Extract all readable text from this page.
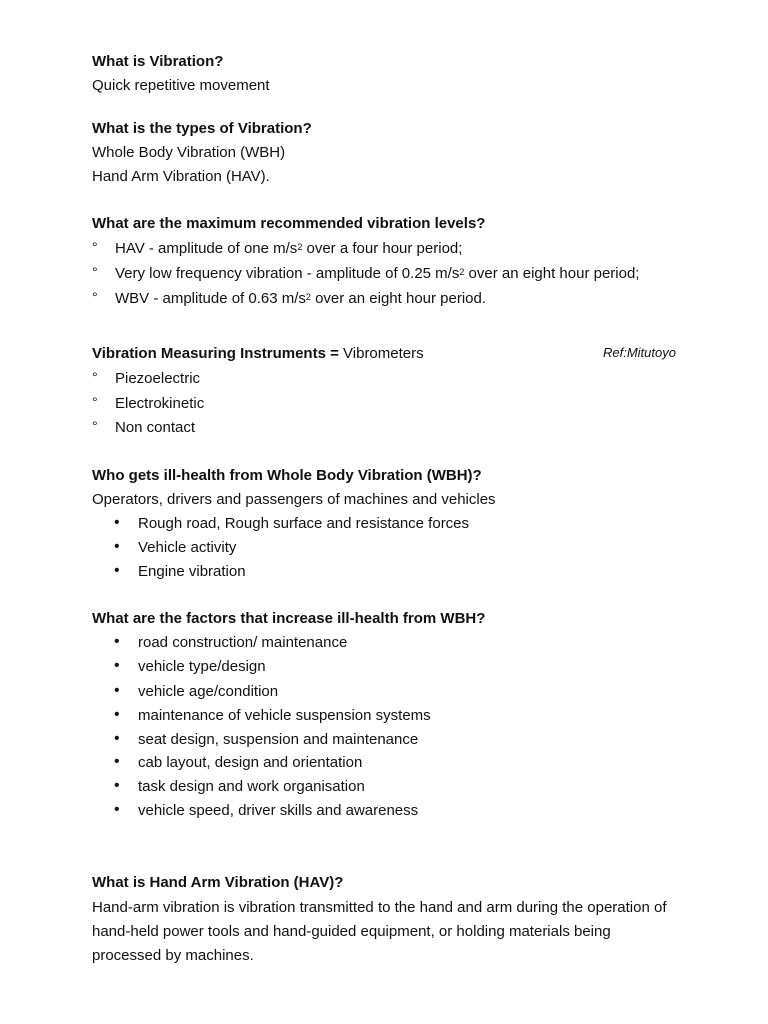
What is Vibration?
Quick repetitive movement
What is the types of Vibration?
Whole Body Vibration (WBH)
Hand Arm Vibration (HAV).
What are the maximum recommended vibration levels?
° HAV - amplitude of one $m/s^2$ over a four hour period;
° Very low frequency vibration - amplitude of 0.25 $m/s^2$ over an eight hour period;
° WBV - amplitude of 0.63 $m/s^2$ over an eight hour period.
Vibration Measuring Instruments = Vibrometers	Ref:Mitutoyo
° Piezoelectric
° Electrokinetic
° Non contact
Who gets ill-health from Whole Body Vibration (WBH)?
Operators, drivers and passengers of machines and vehicles
• Rough road, Rough surface and resistance forces
• Vehicle activity
• Engine vibration
What are the factors that increase ill-health from WBH?
• road construction/ maintenance
• vehicle type/design
• vehicle age/condition
• maintenance of vehicle suspension systems
• seat design, suspension and maintenance
• cab layout, design and orientation
• task design and work organisation
• vehicle speed, driver skills and awareness
What is Hand Arm Vibration (HAV)?
Hand-arm vibration is vibration transmitted to the hand and arm during the operation of hand-held power tools and hand-guided equipment, or holding materials being processed by machines.
